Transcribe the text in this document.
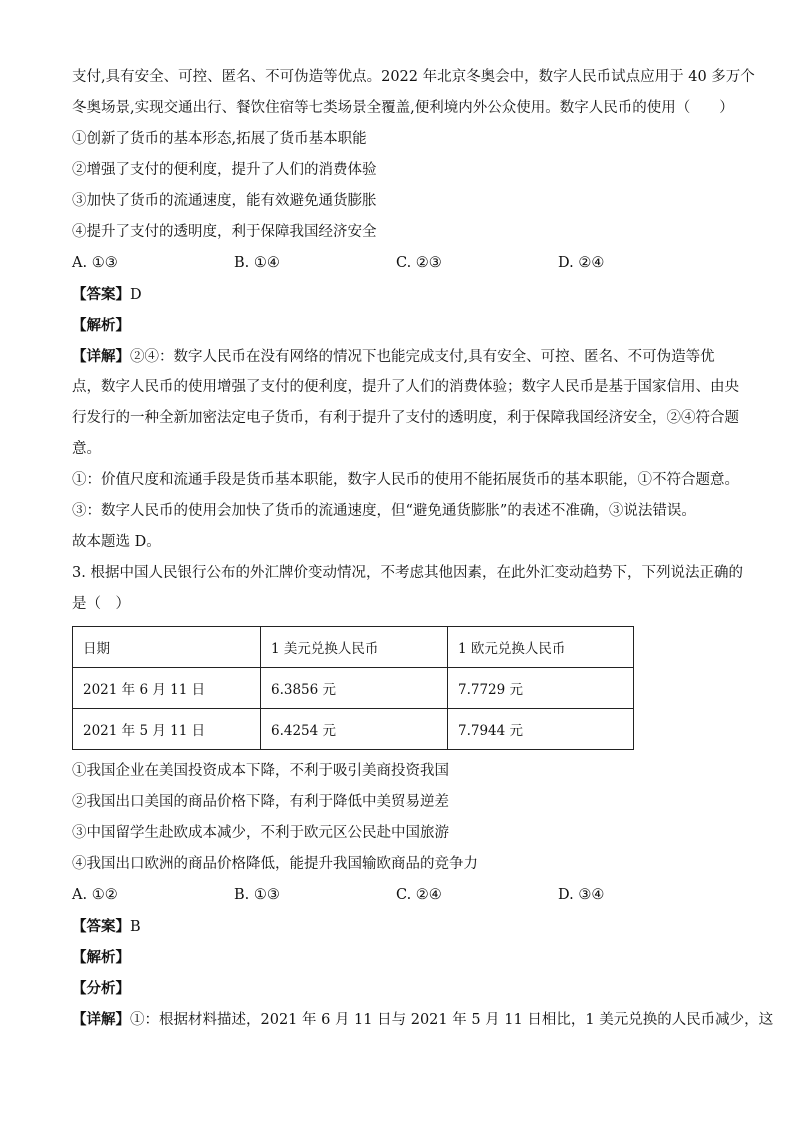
支付,具有安全、可控、匿名、不可伪造等优点。2022 年北京冬奥会中，数字人民币试点应用于 40 多万个
冬奥场景,实现交通出行、餐饮住宿等七类场景全覆盖,便利境内外公众使用。数字人民币的使用（　　）
①创新了货币的基本形态,拓展了货币基本职能
②增强了支付的便利度，提升了人们的消费体验
③加快了货币的流通速度，能有效避免通货膨胀
④提升了支付的透明度，利于保障我国经济安全
A. ①③	B. ①④	C. ②③	D. ②④
【答案】D
【解析】
【详解】②④：数字人民币在没有网络的情况下也能完成支付,具有安全、可控、匿名、不可伪造等优
点，数字人民币的使用增强了支付的便利度，提升了人们的消费体验；数字人民币是基于国家信用、由央
行发行的一种全新加密法定电子货币，有利于提升了支付的透明度，利于保障我国经济安全，②④符合题
意。
①：价值尺度和流通手段是货币基本职能，数字人民币的使用不能拓展货币的基本职能，①不符合题意。
③：数字人民币的使用会加快了货币的流通速度，但“避免通货膨胀”的表述不准确，③说法错误。
故本题选 D。
3. 根据中国人民银行公布的外汇牌价变动情况，不考虑其他因素，在此外汇变动趋势下，下列说法正确的
是（　）
日期	1 美元兑换人民币	1 欧元兑换人民币
2021 年 6 月 11 日	6.3856 元	7.7729 元
2021 年 5 月 11 日	6.4254 元	7.7944 元
①我国企业在美国投资成本下降，不利于吸引美商投资我国
②我国出口美国的商品价格下降，有利于降低中美贸易逆差
③中国留学生赴欧成本减少，不利于欧元区公民赴中国旅游
④我国出口欧洲的商品价格降低，能提升我国输欧商品的竞争力
A. ①②	B. ①③	C. ②④	D. ③④
【答案】B
【解析】
【分析】
【详解】①：根据材料描述，2021 年 6 月 11 日与 2021 年 5 月 11 日相比，1 美元兑换的人民币减少，这
